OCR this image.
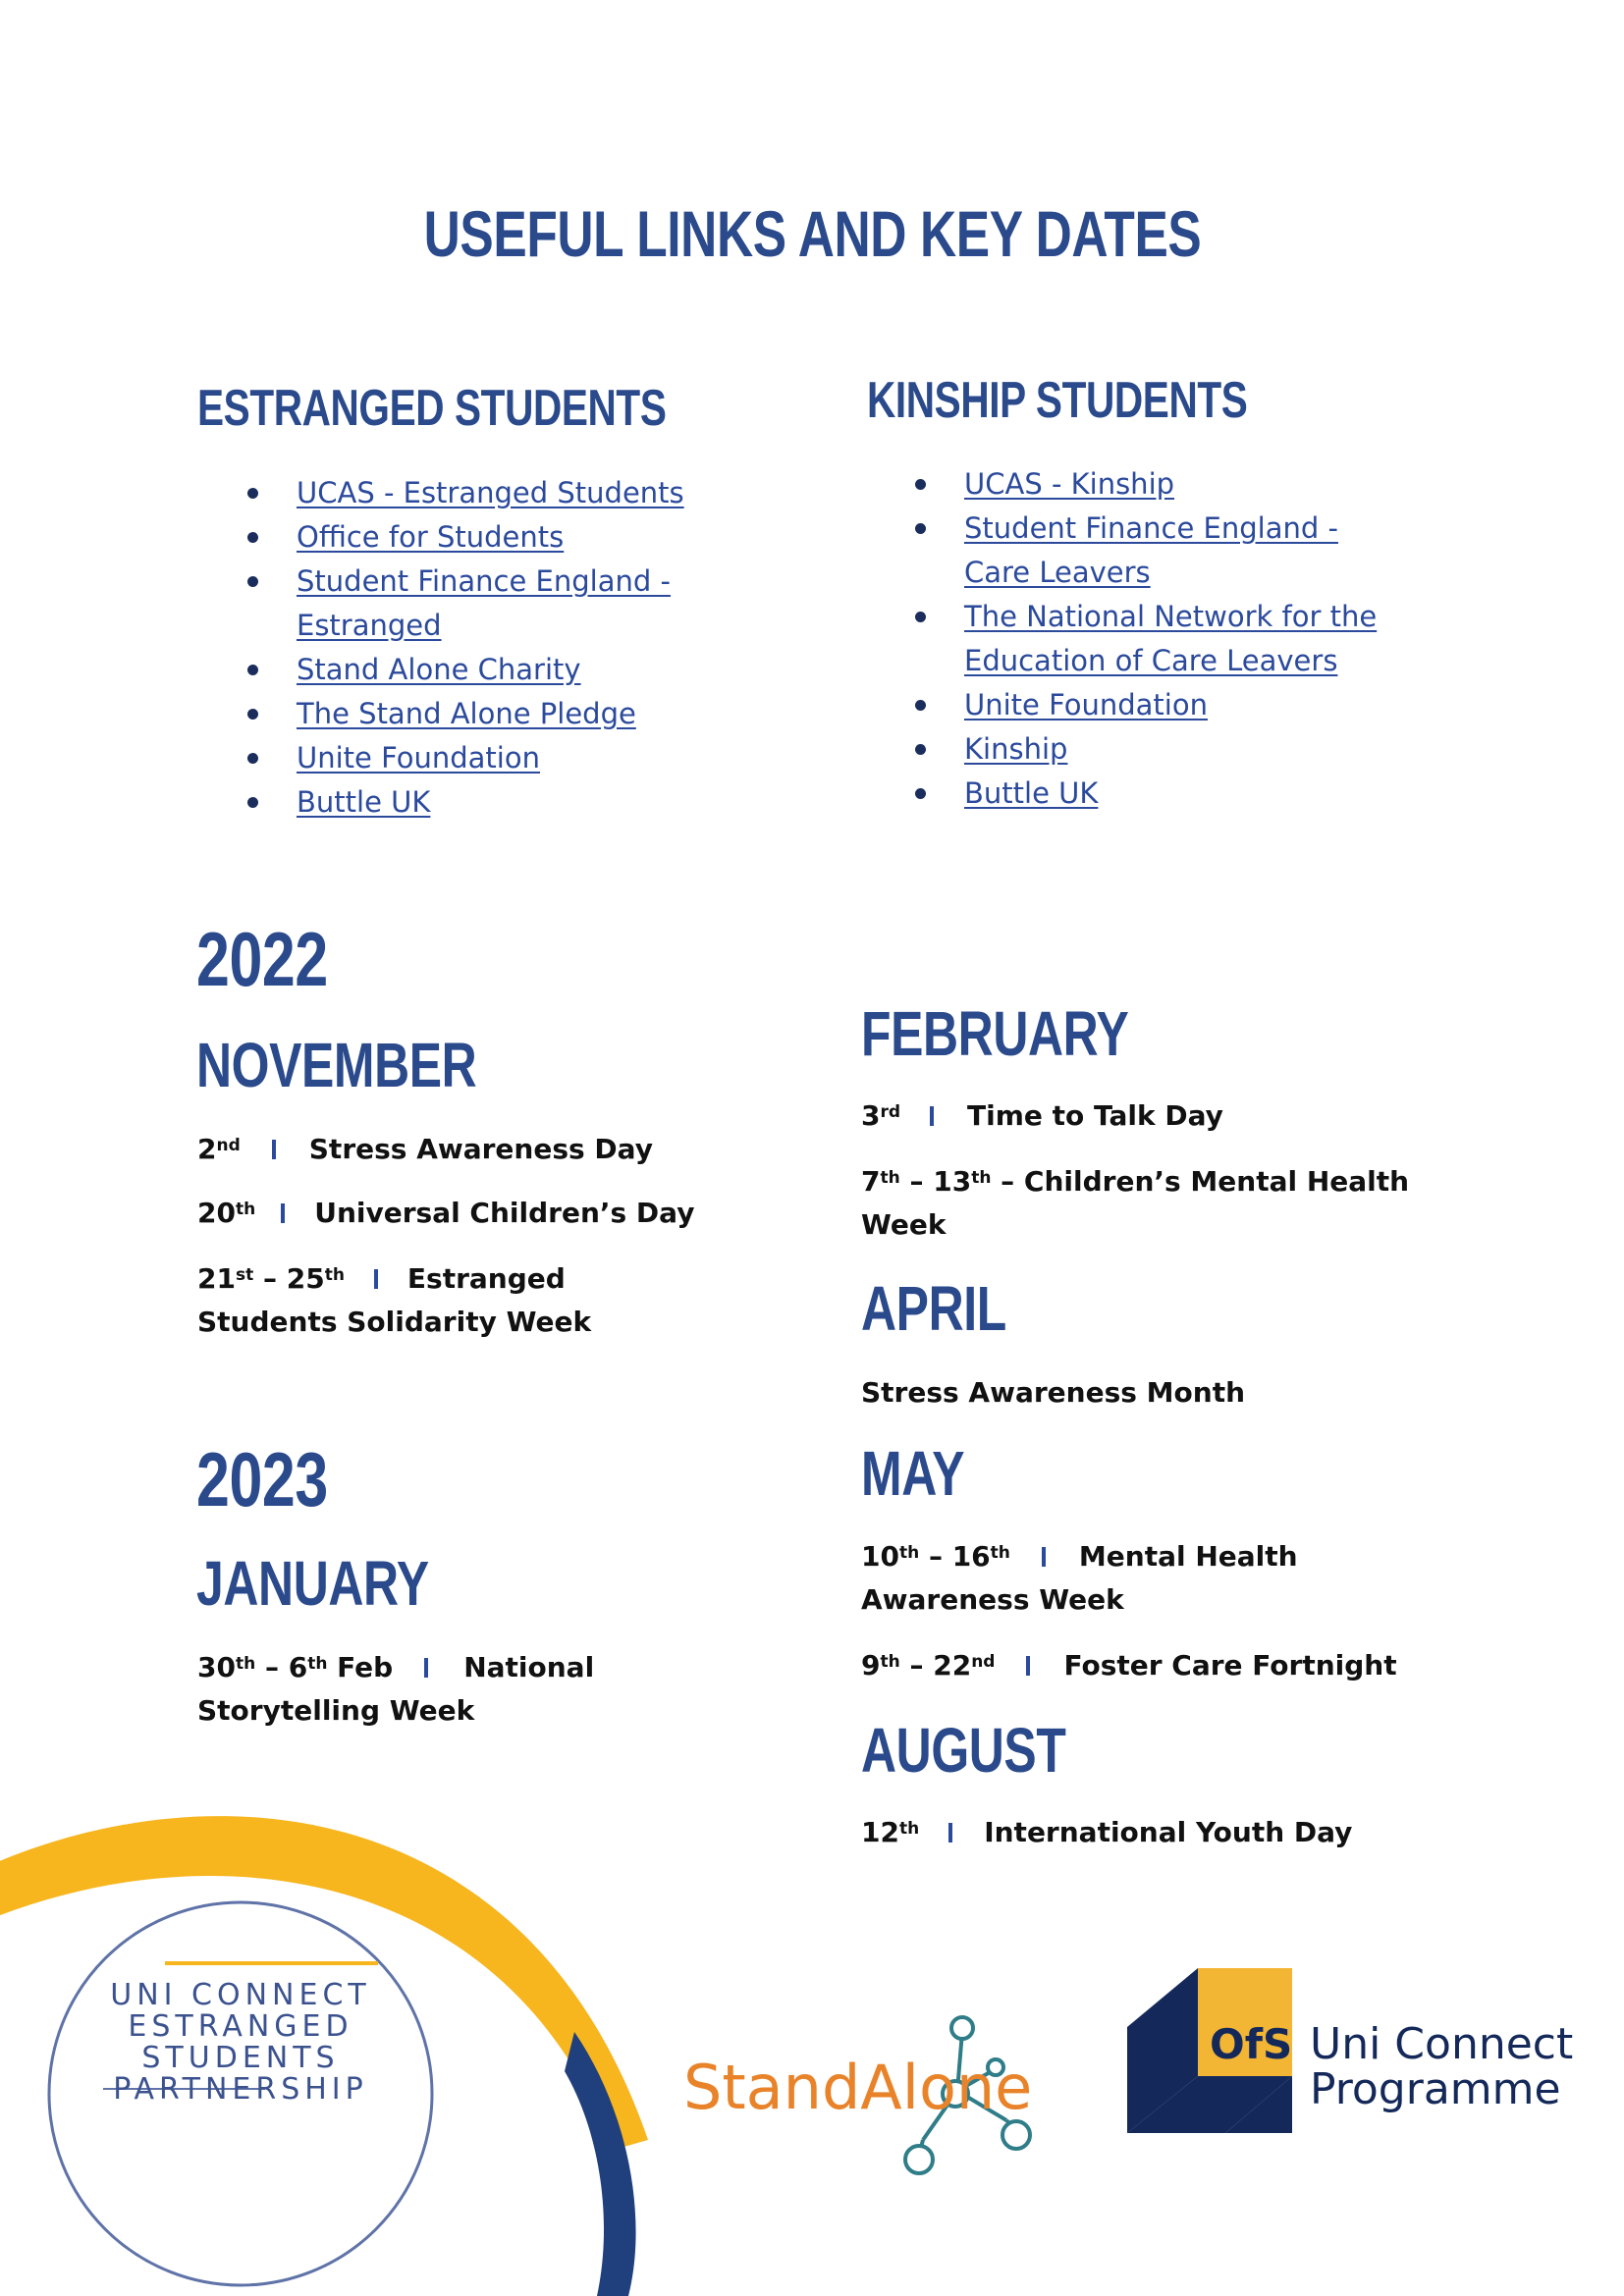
USEFUL LINKS AND KEY DATES
ESTRANGED STUDENTS
UCAS - Estranged Students
Office for Students
Student Finance England - Estranged
Stand Alone Charity
The Stand Alone Pledge
Unite Foundation
Buttle UK
KINSHIP STUDENTS
UCAS - Kinship
Student Finance England - Care Leavers
The National Network for the Education of Care Leavers
Unite Foundation
Kinship
Buttle UK
2022
NOVEMBER
2nd	Stress Awareness Day
20th Universal Children’s Day
21st – 25th Estranged Students Solidarity Week
2023
JANUARY
30th – 6th Feb	National Storytelling Week
FEBRUARY
3rd Time to Talk Day
7th – 13th – Children’s Mental Health Week
APRIL
Stress Awareness Month
MAY
10th – 16th	Mental Health Awareness Week
9th – 22nd	Foster Care Fortnight
AUGUST
12th International Youth Day
UNI CONNECT
ESTRANGED
STUDENTS
PARTNERSHIP	StandAlone
OfS Uni Connect
Programme
